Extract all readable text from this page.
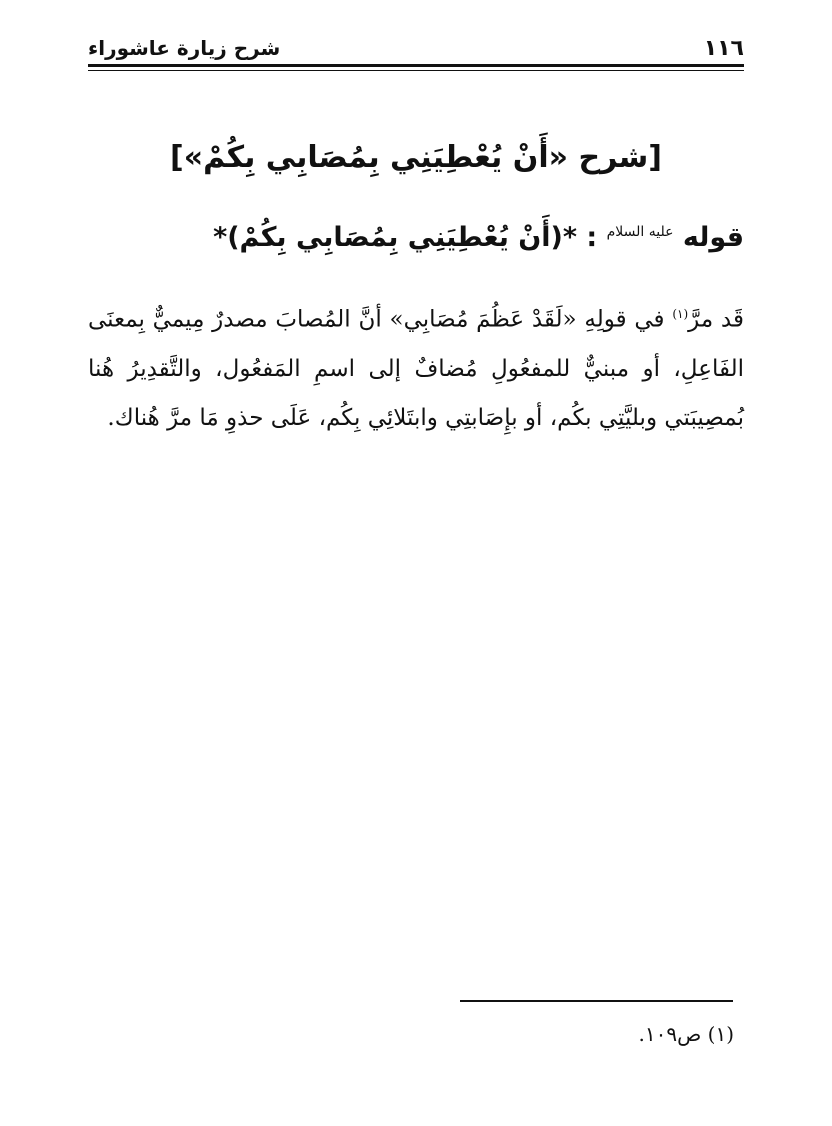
١١٦
شرح زيارة عاشوراء
[شرح «أَنْ يُعْطِيَنِي بِمُصَابِي بِكُمْ»]
قوله $^{عليه السلام}$ : *(أَنْ يُعْطِيَنِي بِمُصَابِي بِكُمْ)*

قَد مرَّ$^{(١)}$ في قولِهِ «لَقَدْ عَظُمَ مُصَابِي» أنَّ المُصابَ مصدرٌ مِيميٌّ بِمعنَى الفَاعِلِ، أو مبنيٌّ للمفعُولِ مُضافٌ إلى اسمِ المَفعُول، والتَّقدِيرُ هُنا بُمصِيبَتي وبليَّتِي بكُم، أو بإِصَابتِي وابتَلائِي بِكُم، عَلَى حذوِ مَا مرَّ هُناك.

(١) ص١٠٩.
